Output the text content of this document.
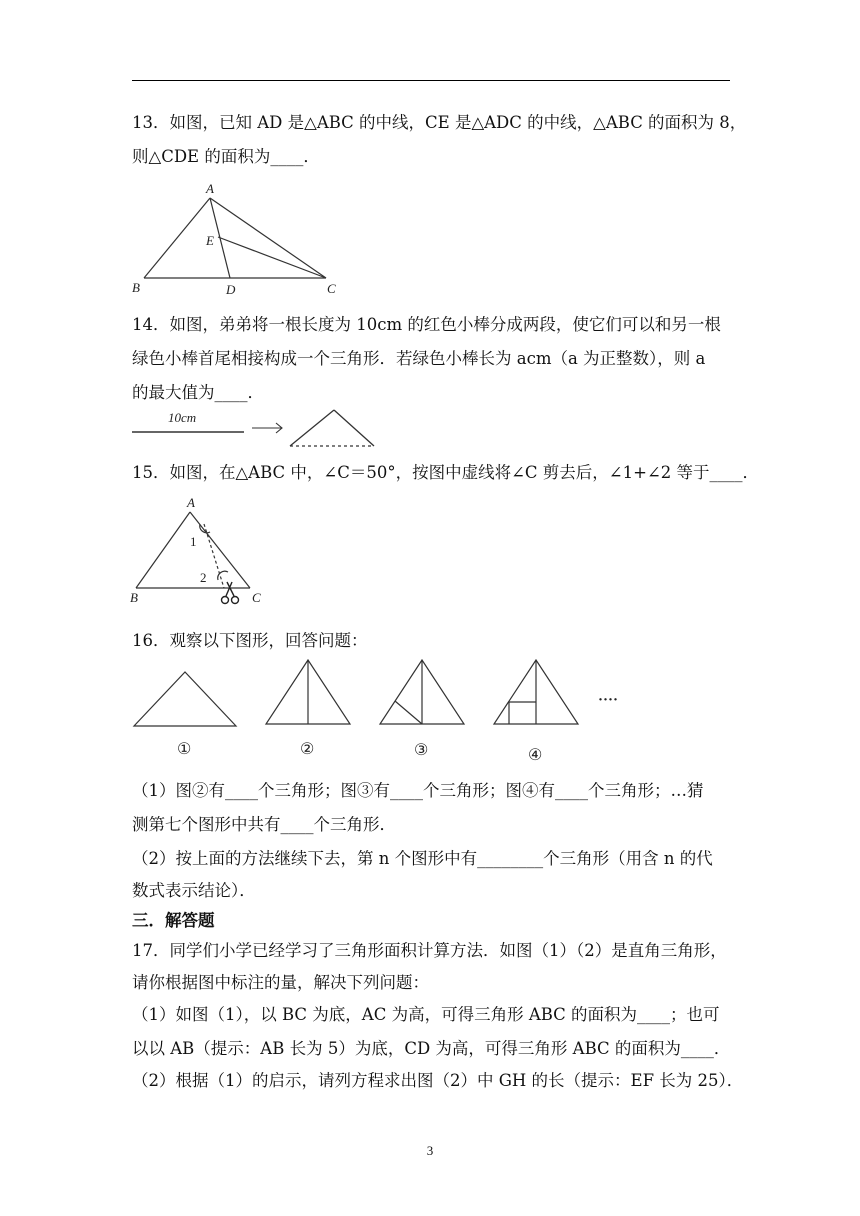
13．如图，已知 AD 是△ABC 的中线，CE 是△ADC 的中线，△ABC 的面积为 8，
则△CDE 的面积为____．
A
E
B	D	C
14．如图，弟弟将一根长度为 10cm 的红色小棒分成两段，使它们可以和另一根
绿色小棒首尾相接构成一个三角形．若绿色小棒长为 acm（a 为正整数），则 a
的最大值为____．
10cm
15．如图，在△ABC 中，∠C＝50°，按图中虚线将∠C 剪去后，∠1+∠2 等于____．
A
1
2
B	C
16．观察以下图形，回答问题：
①	②	③	④
····
（1）图②有____个三角形；图③有____个三角形；图④有____个三角形；…猜
测第七个图形中共有____个三角形．
（2）按上面的方法继续下去，第 n 个图形中有________个三角形（用含 n 的代
数式表示结论）．
三．解答题
17．同学们小学已经学习了三角形面积计算方法．如图（1）（2）是直角三角形，
请你根据图中标注的量，解决下列问题：
（1）如图（1），以 BC 为底，AC 为高，可得三角形 ABC 的面积为____；也可
以以 AB（提示：AB 长为 5）为底，CD 为高，可得三角形 ABC 的面积为____．
（2）根据（1）的启示，请列方程求出图（2）中 GH 的长（提示：EF 长为 25）．
3
